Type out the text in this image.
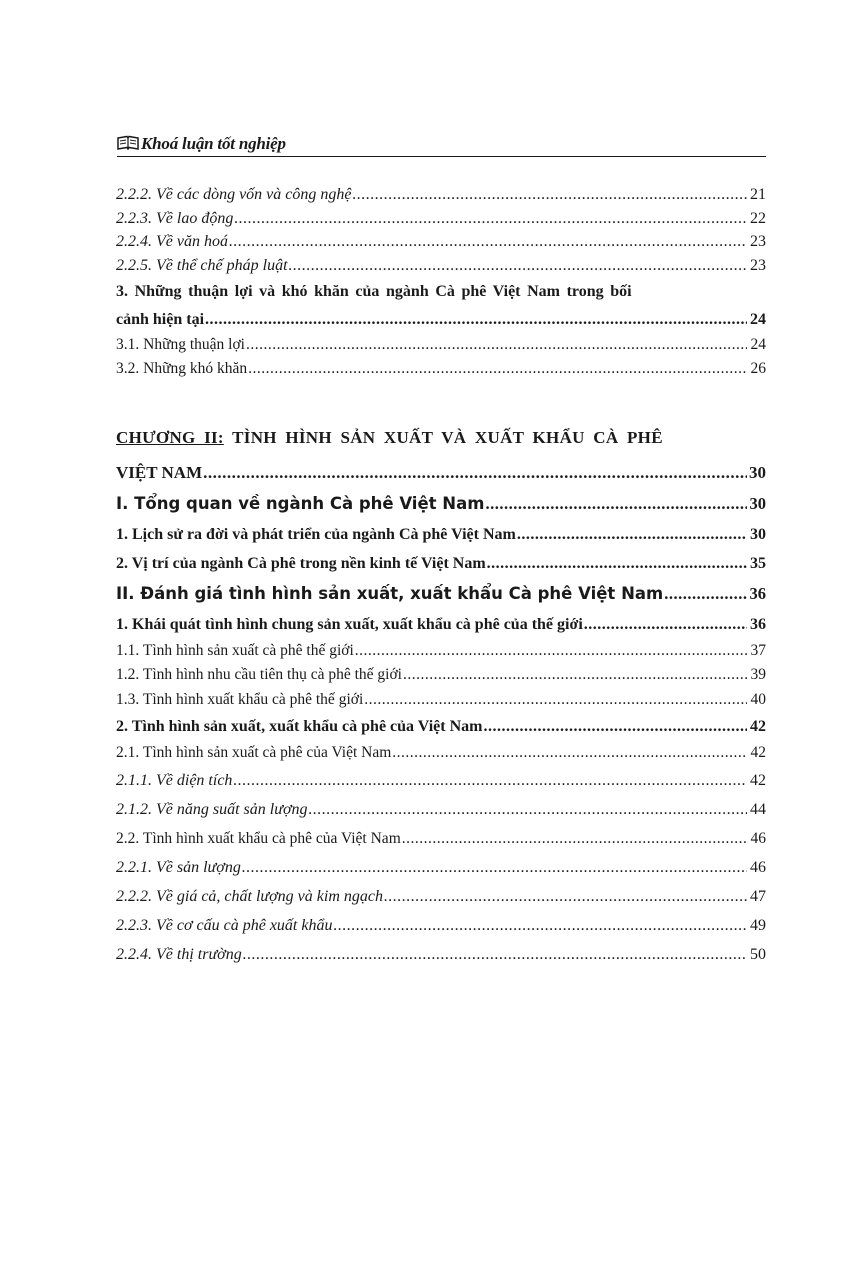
Khoá luận tốt nghiệp
2.2.2. Về các dòng vốn và công nghệ .....	21
2.2.3. Về lao động .....	22
2.2.4. Về văn hoá .....	23
2.2.5. Về thể chế pháp luật .....	23
3. Những thuận lợi và khó khăn của ngành Cà phê Việt Nam trong bối
cảnh hiện tại .....	24
3.1. Những thuận lợi .....	24
3.2. Những khó khăn .....	26
CHƯƠNG II: TÌNH HÌNH SẢN XUẤT VÀ XUẤT KHẨU CÀ PHÊ
VIỆT NAM .....	30
I. Tổng quan về ngành Cà phê Việt Nam .....	30
1. Lịch sử ra đời và phát triển của ngành Cà phê Việt Nam .....	30
2. Vị trí của ngành Cà phê trong nền kinh tế Việt Nam .....	35
II. Đánh giá tình hình sản xuất, xuất khẩu Cà phê Việt Nam .....	36
1. Khái quát tình hình chung sản xuất, xuất khẩu cà phê của thế giới .....	36
1.1. Tình hình sản xuất cà phê thế giới .....	37
1.2. Tình hình nhu cầu tiên thụ cà phê thế giới .....	39
1.3. Tình hình xuất khẩu cà phê thế giới .....	40
2. Tình hình sản xuất, xuất khẩu cà phê của Việt Nam .....	42
2.1. Tình hình sản xuất cà phê của Việt Nam .....	42
2.1.1. Về diện tích .....	42
2.1.2. Về năng suất sản lượng .....	44
2.2. Tình hình xuất khẩu cà phê của Việt Nam .....	46
2.2.1. Về sản lượng .....	46
2.2.2. Về giá cả, chất lượng và kim ngạch .....	47
2.2.3. Về cơ cấu cà phê xuất khẩu .....	49
2.2.4. Về thị trường .....	50
